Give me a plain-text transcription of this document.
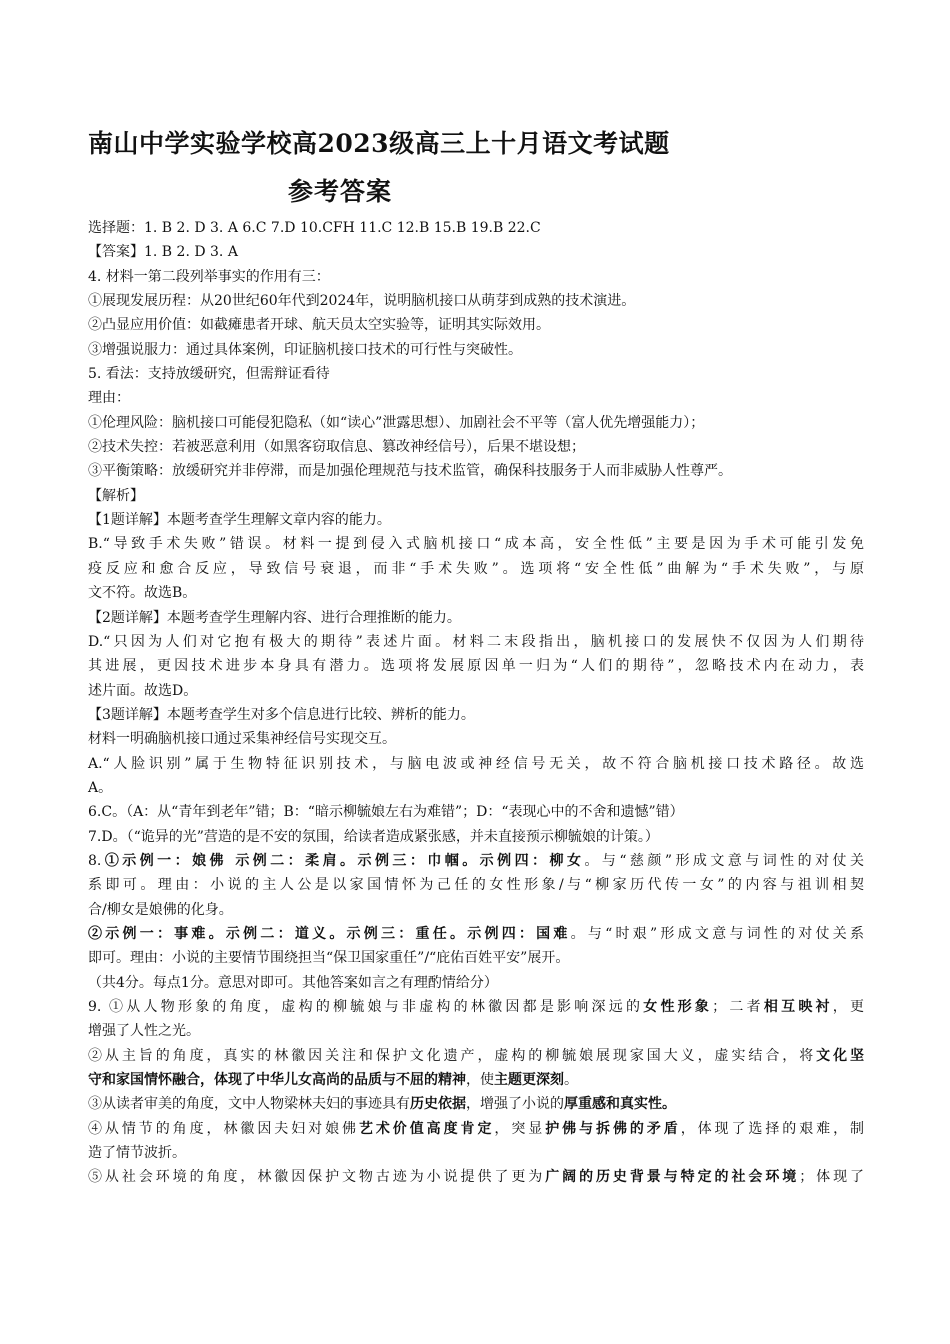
南山中学实验学校高2023级高三上十月语文考试题
参考答案
选择题：1. B 2. D 3. A 6.C 7.D 10.CFH 11.C 12.B 15.B 19.B 22.C
【答案】1. B 2. D 3. A
4. 材料一第二段列举事实的作用有三：
①展现发展历程：从20世纪60年代到2024年，说明脑机接口从萌芽到成熟的技术演进。
②凸显应用价值：如截瘫患者开球、航天员太空实验等，证明其实际效用。
③增强说服力：通过具体案例，印证脑机接口技术的可行性与突破性。
5. 看法：支持放缓研究，但需辩证看待
理由：
①伦理风险：脑机接口可能侵犯隐私（如“读心”泄露思想）、加剧社会不平等（富人优先增强能力）；
②技术失控：若被恶意利用（如黑客窃取信息、篡改神经信号），后果不堪设想；
③平衡策略：放缓研究并非停滞，而是加强伦理规范与技术监管，确保科技服务于人而非威胁人性尊严。
【解析】
【1题详解】本题考查学生理解文章内容的能力。
B.“导致手术失败”错误。材料一提到侵入式脑机接口“成本高，安全性低”主要是因为手术可能引发免
疫反应和愈合反应，导致信号衰退，而非“手术失败”。选项将“安全性低”曲解为“手术失败”，与原
文不符。故选B。
【2题详解】本题考查学生理解内容、进行合理推断的能力。
D.“只因为人们对它抱有极大的期待”表述片面。材料二末段指出，脑机接口的发展快不仅因为人们期待
其进展，更因技术进步本身具有潜力。选项将发展原因单一归为“人们的期待”，忽略技术内在动力，表
述片面。故选D。
【3题详解】本题考查学生对多个信息进行比较、辨析的能力。
材料一明确脑机接口通过采集神经信号实现交互。
A.“人脸识别”属于生物特征识别技术，与脑电波或神经信号无关，故不符合脑机接口技术路径。故选
A。
6.C。（A：从“青年到老年”错；B：“暗示柳毓娘左右为难错”；D：“表现心中的不舍和遗憾”错）
7.D。（“诡异的光”营造的是不安的氛围，给读者造成紧张感，并未直接预示柳毓娘的计策。）
8.①示例一：娘佛 示例二：柔肩。示例三：巾帼。示例四：柳女。与“慈颜”形成文意与词性的对仗关
系即可。理由：小说的主人公是以家国情怀为己任的女性形象/与“柳家历代传一女”的内容与祖训相契
合/柳女是娘佛的化身。
②示例一：事难。示例二：道义。示例三：重任。示例四：国难。与“时艰”形成文意与词性的对仗关系
即可。理由：小说的主要情节围绕担当“保卫国家重任”/“庇佑百姓平安”展开。
（共4分。每点1分。意思对即可。其他答案如言之有理酌情给分）
9. ①从人物形象的角度，虚构的柳毓娘与非虚构的林徽因都是影响深远的女性形象；二者相互映衬，更
增强了人性之光。
②从主旨的角度，真实的林徽因关注和保护文化遗产，虚构的柳毓娘展现家国大义，虚实结合，将文化坚
守和家国情怀融合，体现了中华儿女高尚的品质与不屈的精神，使主题更深刻。
③从读者审美的角度，文中人物梁林夫妇的事迹具有历史依据，增强了小说的厚重感和真实性。
④从情节的角度，林徽因夫妇对娘佛艺术价值高度肯定，突显护佛与拆佛的矛盾，体现了选择的艰难，制
造了情节波折。
⑤从社会环境的角度，林徽因保护文物古迹为小说提供了更为广阔的历史背景与特定的社会环境；体现了
